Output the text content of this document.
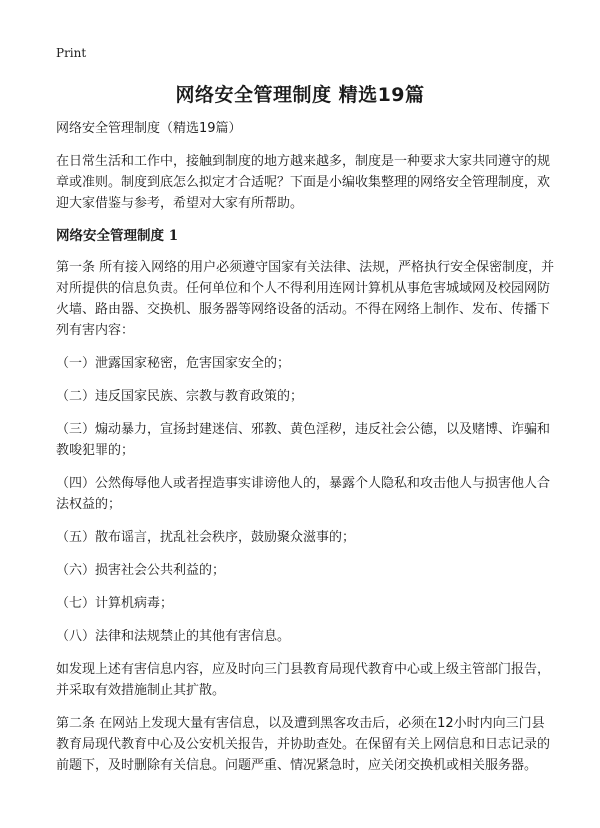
Print
网络安全管理制度 精选19篇

网络安全管理制度（精选19篇）

在日常生活和工作中，接触到制度的地方越来越多，制度是一种要求大家共同遵守的规章或准则。制度到底怎么拟定才合适呢？下面是小编收集整理的网络安全管理制度，欢迎大家借鉴与参考，希望对大家有所帮助。

网络安全管理制度 1

第一条 所有接入网络的用户必须遵守国家有关法律、法规，严格执行安全保密制度，并对所提供的信息负责。任何单位和个人不得利用连网计算机从事危害城域网及校园网防火墙、路由器、交换机、服务器等网络设备的活动。不得在网络上制作、发布、传播下列有害内容：

（一）泄露国家秘密，危害国家安全的；

（二）违反国家民族、宗教与教育政策的；

（三）煽动暴力，宣扬封建迷信、邪教、黄色淫秽，违反社会公德，以及赌博、诈骗和教唆犯罪的；

（四）公然侮辱他人或者捏造事实诽谤他人的，暴露个人隐私和攻击他人与损害他人合法权益的；

（五）散布谣言，扰乱社会秩序，鼓励聚众滋事的；

（六）损害社会公共利益的；

（七）计算机病毒；

（八）法律和法规禁止的其他有害信息。

如发现上述有害信息内容，应及时向三门县教育局现代教育中心或上级主管部门报告，并采取有效措施制止其扩散。

第二条 在网站上发现大量有害信息，以及遭到黑客攻击后，必须在12小时内向三门县教育局现代教育中心及公安机关报告，并协助查处。在保留有关上网信息和日志记录的前题下，及时删除有关信息。问题严重、情况紧急时，应关闭交换机或相关服务器。
